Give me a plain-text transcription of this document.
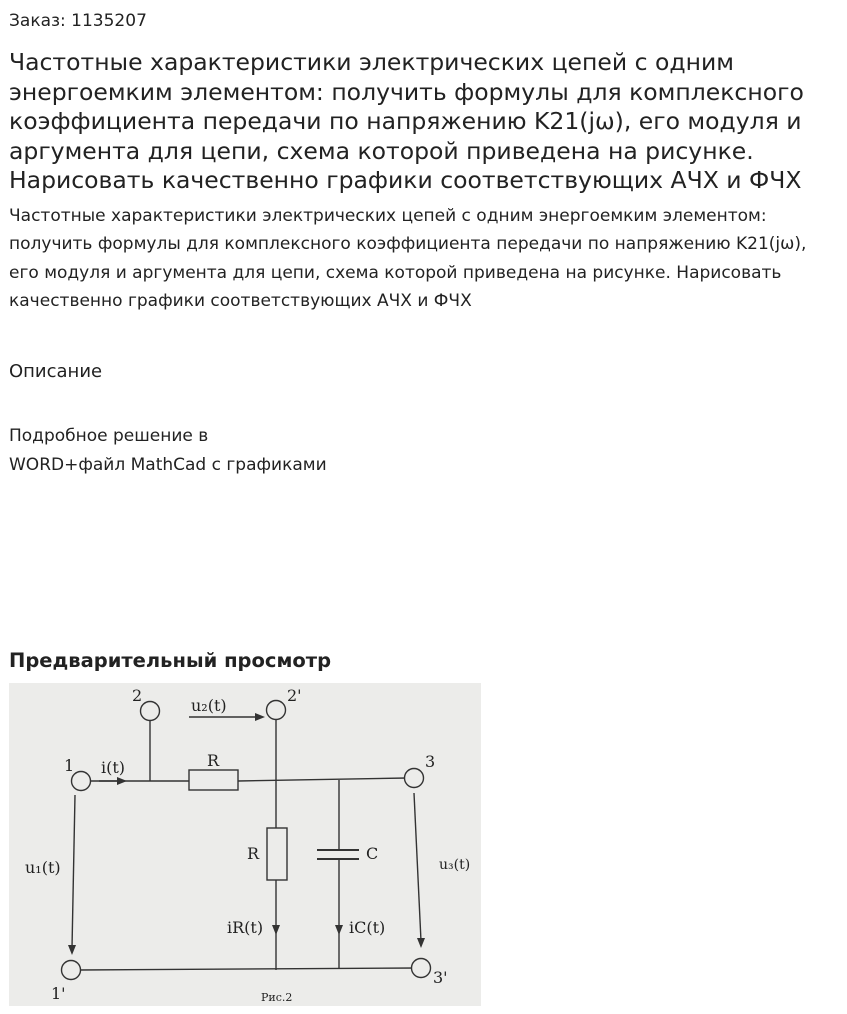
Заказ: 1135207
Частотные характеристики электрических цепей с одним энергоемким элементом: получить формулы для комплексного коэффициента передачи по напряжению K21(jω), его модуля и аргумента для цепи, схема которой приведена на рисунке. Нарисовать качественно графики соответствующих АЧХ и ФЧХ
Частотные характеристики электрических цепей с одним энергоемким элементом: получить формулы для комплексного коэффициента передачи по напряжению K21(jω), его модуля и аргумента для цепи, схема которой приведена на рисунке. Нарисовать качественно графики соответствующих АЧХ и ФЧХ
Описание
Подробное решение в
WORD+файл MathCad с графиками
Предварительный просмотр
2	2'
1	3
1'
3'
u₂(t)
i(t)	R
R	C
u₁(t)	u₃(t)
iR(t)	iC(t)
Рис.2
